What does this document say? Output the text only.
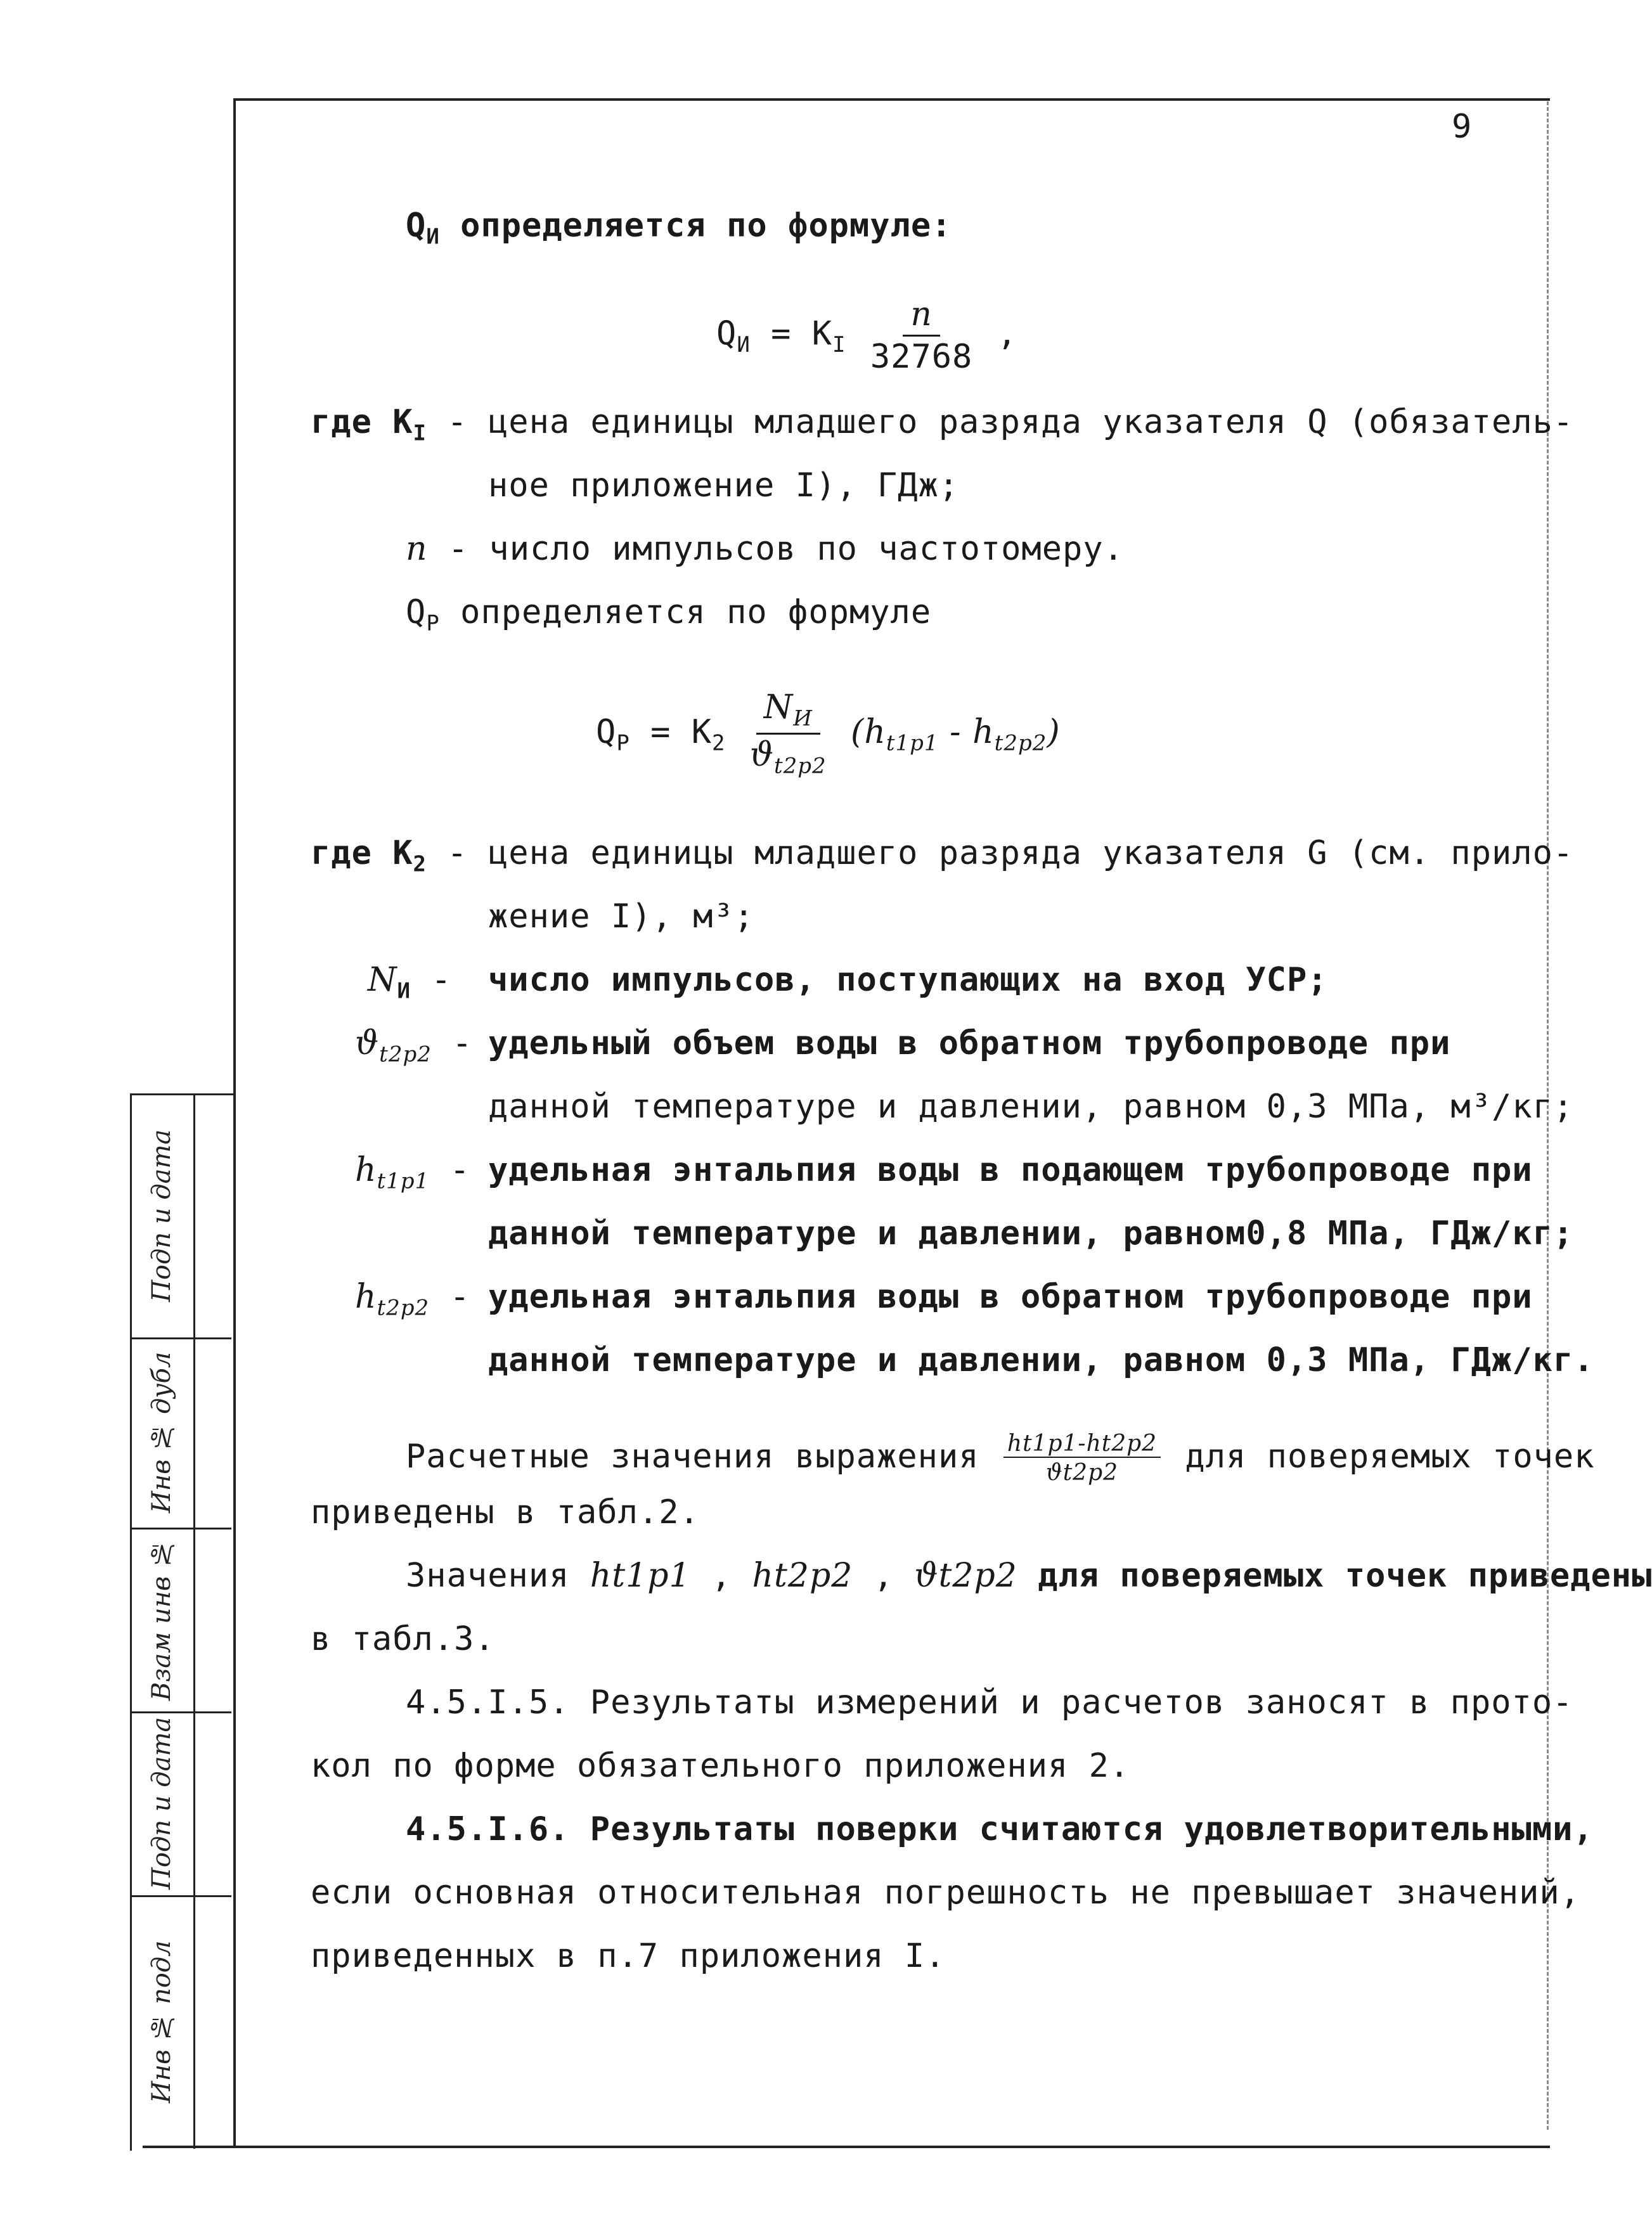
Инв № подл
Подп и дата
Взам инв №
Инв № дубл
Подп и дата
9
$Q_И$ определяется по формуле:
$Q_И = К_I \frac{n}{32768}$ ,
где $К_I$ - цена единицы младшего разряда указателя Q (обязатель-
ное приложение I), ГДж;
n - число импульсов по частотомеру.
$Q_Р$ определяется по формуле
$Q_Р = К_2 \frac{N_И}{ϑ_{t2p2}} (h_{t1p1} - h_{t2p2})$
где $К_2$ - цена единицы младшего разряда указателя G (см. прило-
жение I), м³;
$N_И$ - число импульсов, поступающих на вход УСР;
$ϑ_{t2p2}$ - удельный объем воды в обратном трубопроводе при
данной температуре и давлении, равном 0,3 МПа, м³/кг;
$h_{t1p1}$ - удельная энтальпия воды в подающем трубопроводе при
данной температуре и давлении, равном0,8 МПа, ГДж/кг;
$h_{t2p2}$ - удельная энтальпия воды в обратном трубопроводе при
данной температуре и давлении, равном 0,3 МПа, ГДж/кг.
Расчетные значения выражения $\frac{ht1p1-ht2p2}{ϑt2p2}$ для поверяемых точек
приведены в табл.2.
Значения ht1p1 , ht2p2 , ϑt2p2 для поверяемых точек приведены
в табл.3.
4.5.I.5. Результаты измерений и расчетов заносят в прото-
кол по форме обязательного приложения 2.
4.5.I.6. Результаты поверки считаются удовлетворительными,
если основная относительная погрешность не превышает значений,
приведенных в п.7 приложения I.
